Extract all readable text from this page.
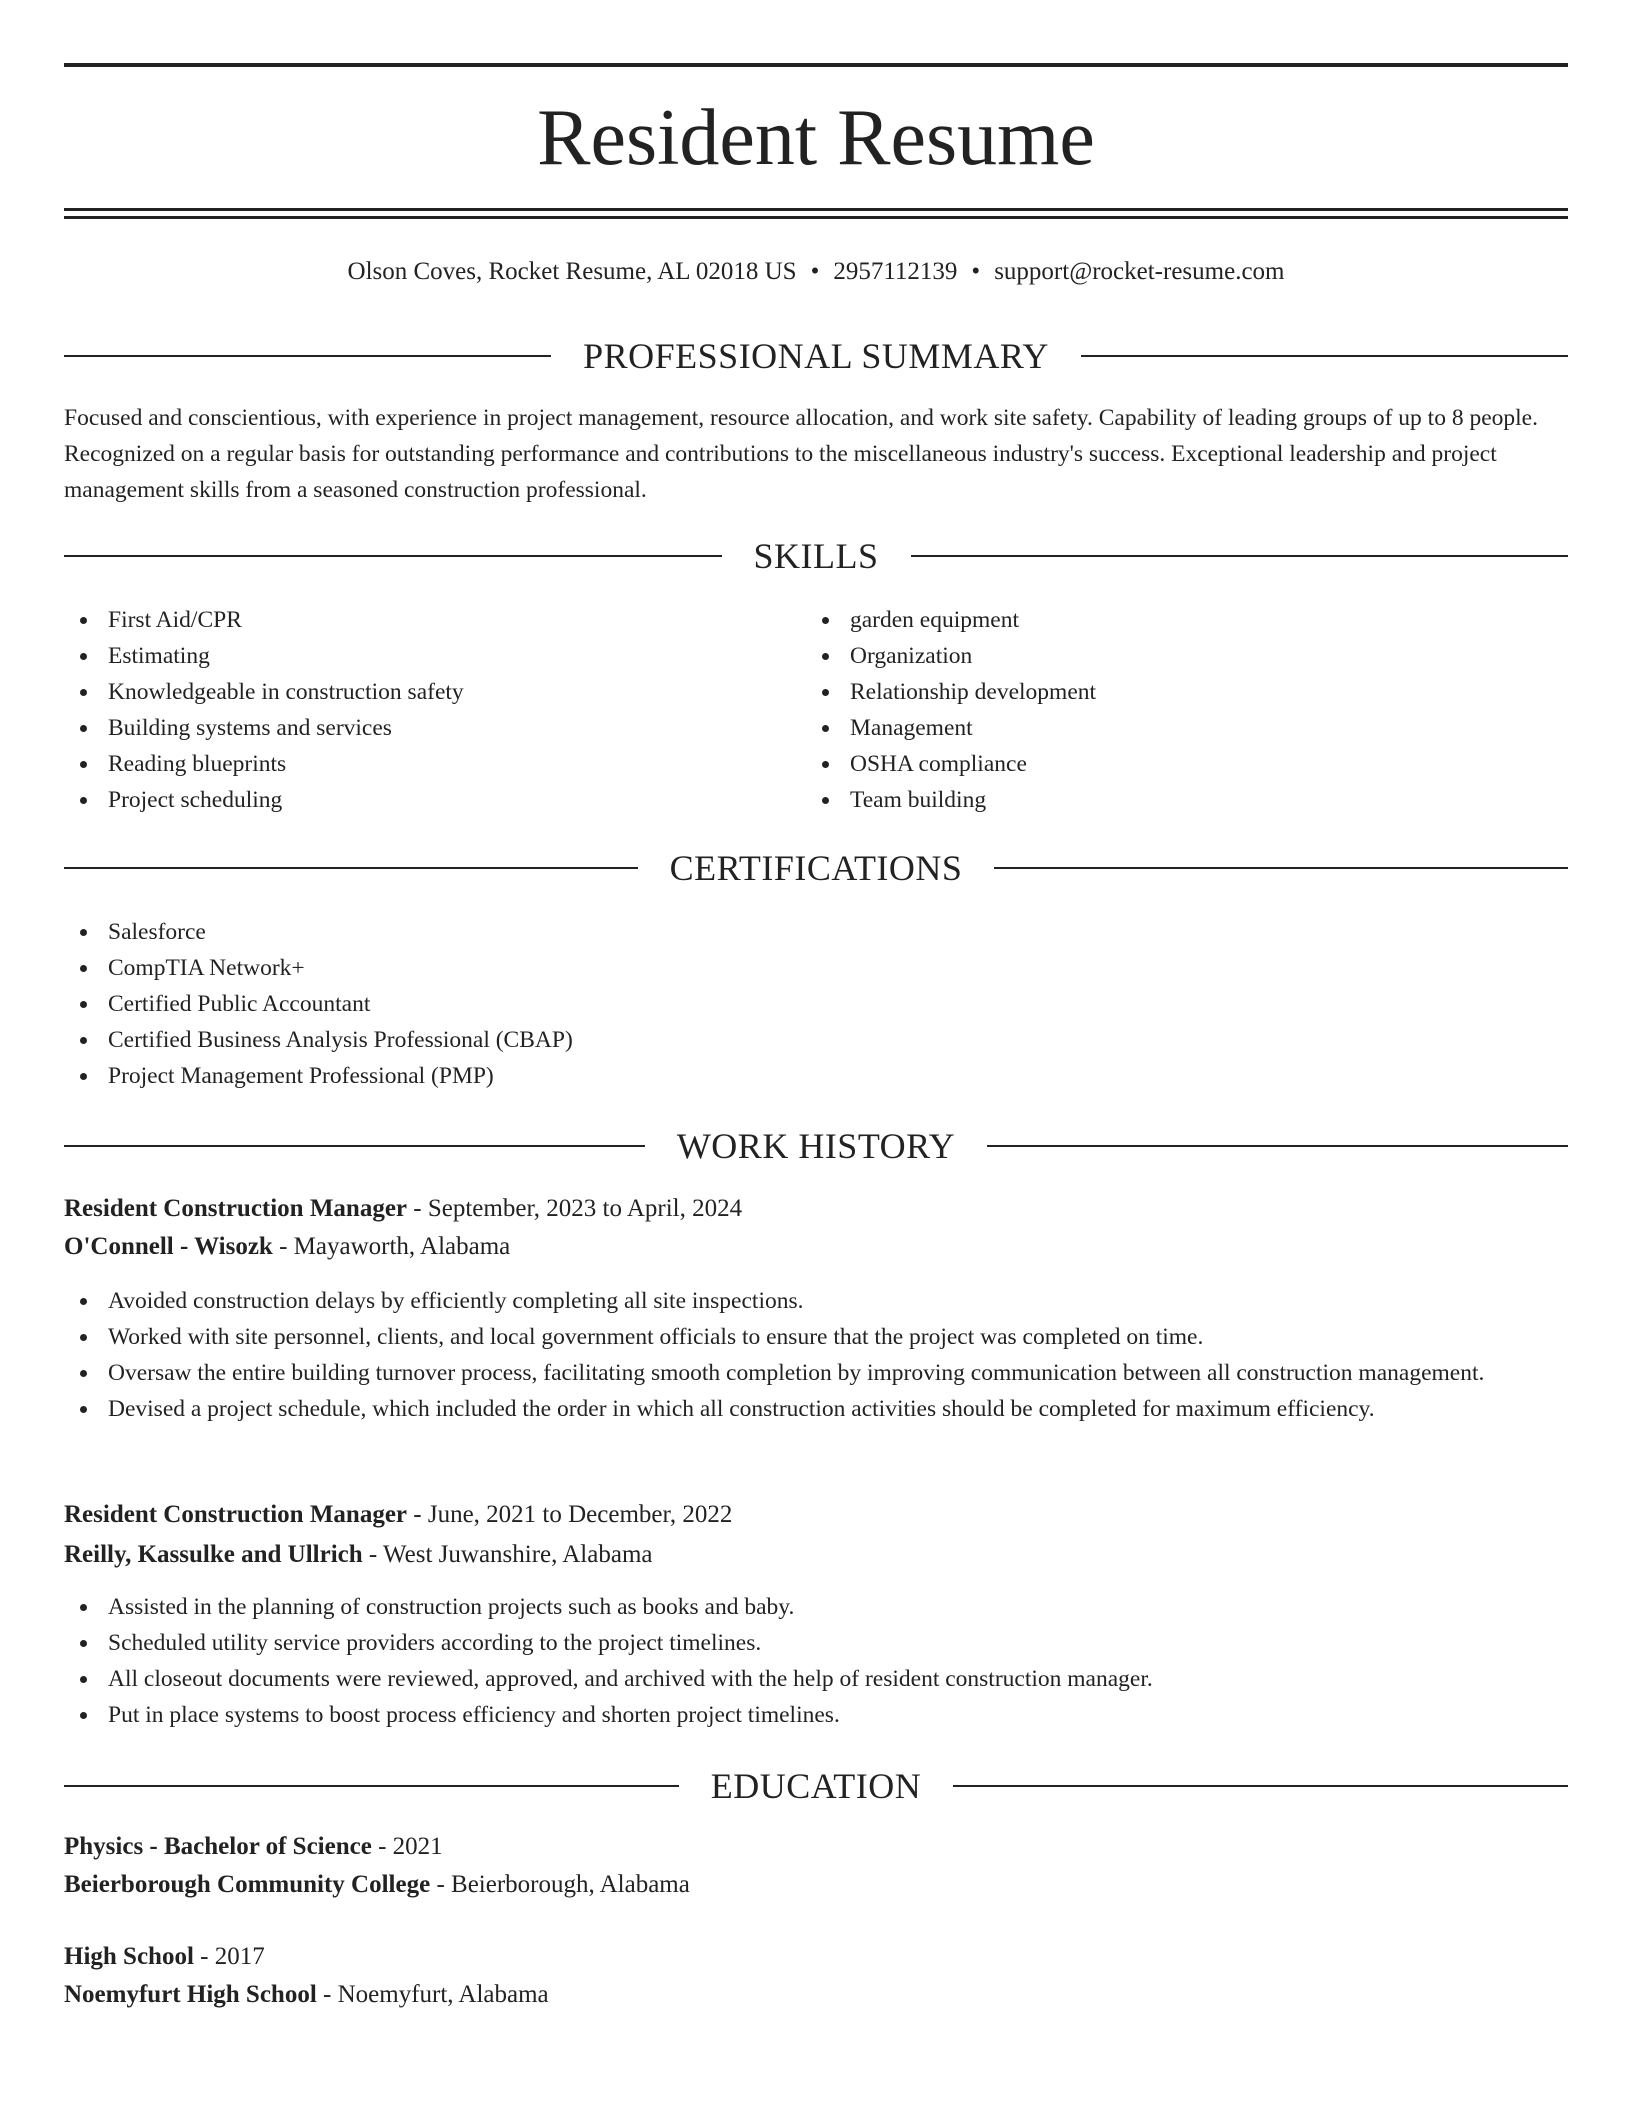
Resident Resume
Olson Coves, Rocket Resume, AL 02018 US • 2957112139 • support@rocket-resume.com
PROFESSIONAL SUMMARY

Focused and conscientious, with experience in project management, resource allocation, and work site safety. Capability of leading groups of up to 8 people. Recognized on a regular basis for outstanding performance and contributions to the miscellaneous industry's success. Exceptional leadership and project management skills from a seasoned construction professional.

SKILLS
First Aid/CPR
Estimating
Knowledgeable in construction safety
Building systems and services
Reading blueprints
Project scheduling
garden equipment
Organization
Relationship development
Management
OSHA compliance
Team building
CERTIFICATIONS
Salesforce
CompTIA Network+
Certified Public Accountant
Certified Business Analysis Professional (CBAP)
Project Management Professional (PMP)
WORK HISTORY
Resident Construction Manager - September, 2023 to April, 2024
O'Connell - Wisozk - Mayaworth, Alabama
Avoided construction delays by efficiently completing all site inspections.
Worked with site personnel, clients, and local government officials to ensure that the project was completed on time.
Oversaw the entire building turnover process, facilitating smooth completion by improving communication between all construction management.
Devised a project schedule, which included the order in which all construction activities should be completed for maximum efficiency.
Resident Construction Manager - June, 2021 to December, 2022
Reilly, Kassulke and Ullrich - West Juwanshire, Alabama
Assisted in the planning of construction projects such as books and baby.
Scheduled utility service providers according to the project timelines.
All closeout documents were reviewed, approved, and archived with the help of resident construction manager.
Put in place systems to boost process efficiency and shorten project timelines.
EDUCATION
Physics - Bachelor of Science - 2021
Beierborough Community College - Beierborough, Alabama
High School - 2017
Noemyfurt High School - Noemyfurt, Alabama
